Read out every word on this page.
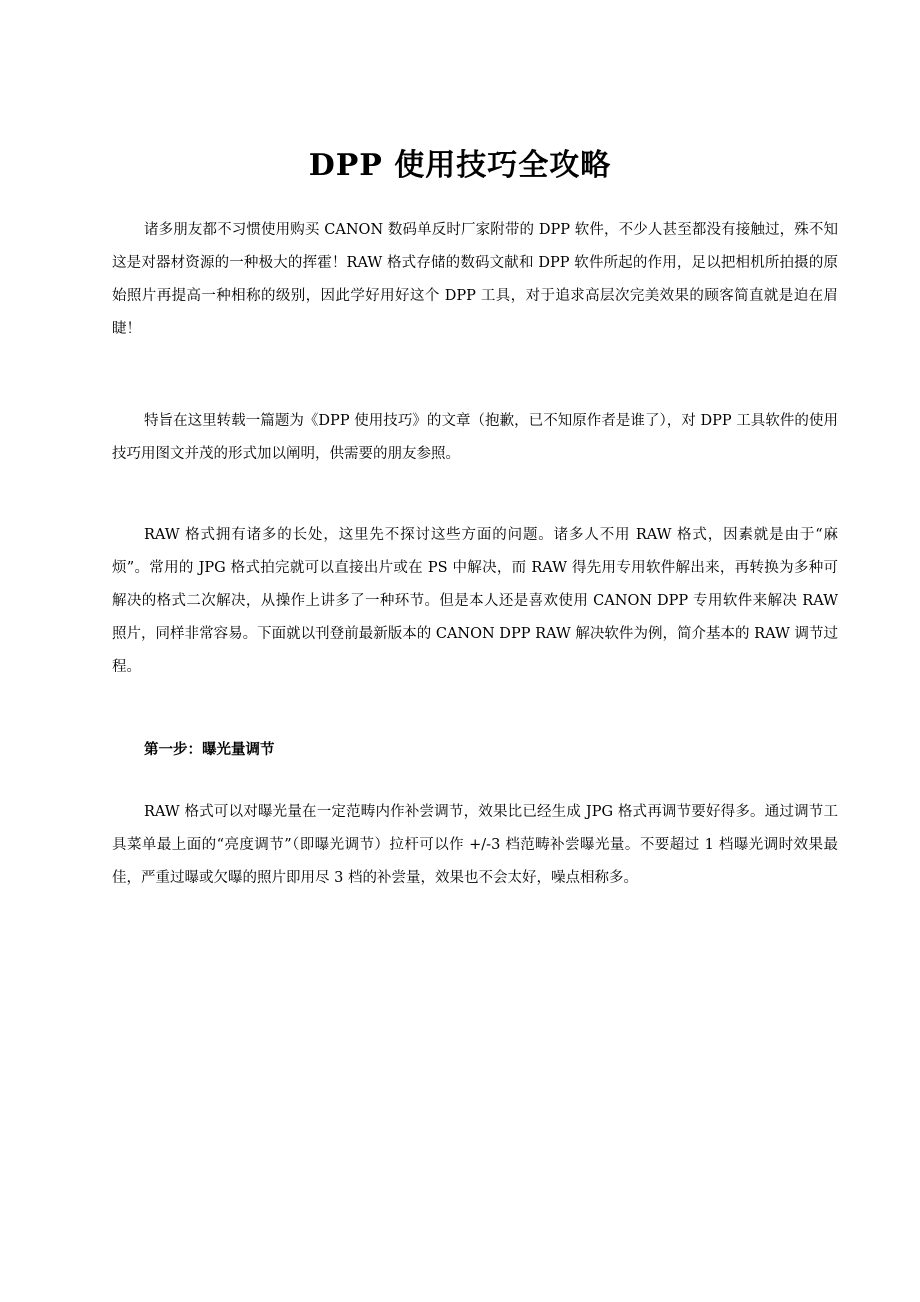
DPP 使用技巧全攻略
诸多朋友都不习惯使用购买 CANON 数码单反时厂家附带的 DPP 软件，不少人甚至都没有接触过，殊不知这是对器材资源的一种极大的挥霍！RAW 格式存储的数码文献和 DPP 软件所起的作用，足以把相机所拍摄的原始照片再提高一种相称的级别，因此学好用好这个 DPP 工具，对于追求高层次完美效果的顾客简直就是迫在眉睫！
特旨在这里转载一篇题为《DPP 使用技巧》的文章（抱歉，已不知原作者是谁了），对 DPP 工具软件的使用技巧用图文并茂的形式加以阐明，供需要的朋友参照。
RAW 格式拥有诸多的长处，这里先不探讨这些方面的问题。诸多人不用 RAW 格式，因素就是由于“麻烦”。常用的 JPG 格式拍完就可以直接出片或在 PS 中解决，而 RAW 得先用专用软件解出来，再转换为多种可解决的格式二次解决，从操作上讲多了一种环节。但是本人还是喜欢使用 CANON DPP 专用软件来解决 RAW 照片，同样非常容易。下面就以刊登前最新版本的 CANON DPP RAW 解决软件为例，简介基本的 RAW 调节过程。
第一步：曝光量调节
RAW 格式可以对曝光量在一定范畴内作补尝调节，效果比已经生成 JPG 格式再调节要好得多。通过调节工具菜单最上面的“亮度调节”（即曝光调节）拉杆可以作 +/-3 档范畴补尝曝光量。不要超过 1 档曝光调时效果最佳，严重过曝或欠曝的照片即用尽 3 档的补尝量，效果也不会太好，噪点相称多。
